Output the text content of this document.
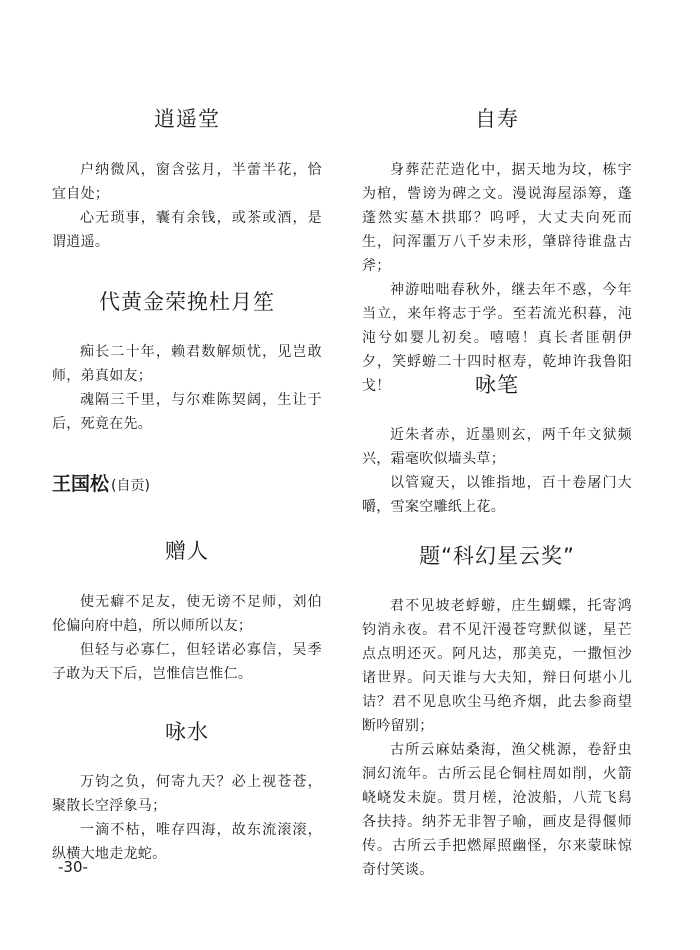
逍遥堂

户纳微风，窗含弦月，半蕾半花，恰宜自处；

心无琐事，囊有余钱，或茶或酒，是谓逍遥。

代黄金荣挽杜月笙

痴长二十年，赖君数解烦忧，见岂敢师，弟真如友；

魂隔三千里，与尔难陈契阔，生让于后，死竟在先。

王国松 (自贡)
赠人

使无癖不足友，使无谤不足师，刘伯伦偏向府中趋，所以师所以友；

但轻与必寡仁，但轻诺必寡信，吴季子敢为天下后，岂惟信岂惟仁。

咏水

万钧之负，何寄九天？必上视苍苍，聚散长空浮象马；

一滴不枯，唯存四海，故东流滚滚，纵横大地走龙蛇。

自寿

身葬茫茫造化中，据天地为坟，栋宇为棺，訾谤为碑之文。漫说海屋添筹，蓬蓬然实墓木拱耶？呜呼，大丈夫向死而生，问浑噩万八千岁未形，肇辟待谁盘古斧；

神游咄咄春秋外，继去年不惑，今年当立，来年将志于学。至若流光积暮，沌沌兮如婴儿初矣。嘻嘻！真长者匪朝伊夕，笑蜉蝣二十四时枢寿，乾坤许我鲁阳戈！	咏笔

近朱者赤，近墨则玄，两千年文狱频兴，霜毫吹似墙头草；

以管窥天，以锥指地，百十卷屠门大嚼，雪案空雕纸上花。

题“科幻星云奖”

君不见坡老蜉蝣，庄生蝴蝶，托寄鸿钧消永夜。君不见汗漫苍穹默似谜，星芒点点明还灭。阿凡达，那美克，一撒恒沙诸世界。问天谁与大夫知，辩日何堪小儿诘？君不见息吹尘马绝齐烟，此去参商望断吟留别；

古所云麻姑桑海，渔父桃源，卷舒虫洞幻流年。古所云昆仑铜柱周如削，火箭峣峣发未旋。贯月槎，沧波船，八荒飞舄各扶持。纳芥无非智子喻，画皮是得偃师传。古所云手把燃犀照幽怪，尔来蒙昧惊奇付笑谈。

-30-
